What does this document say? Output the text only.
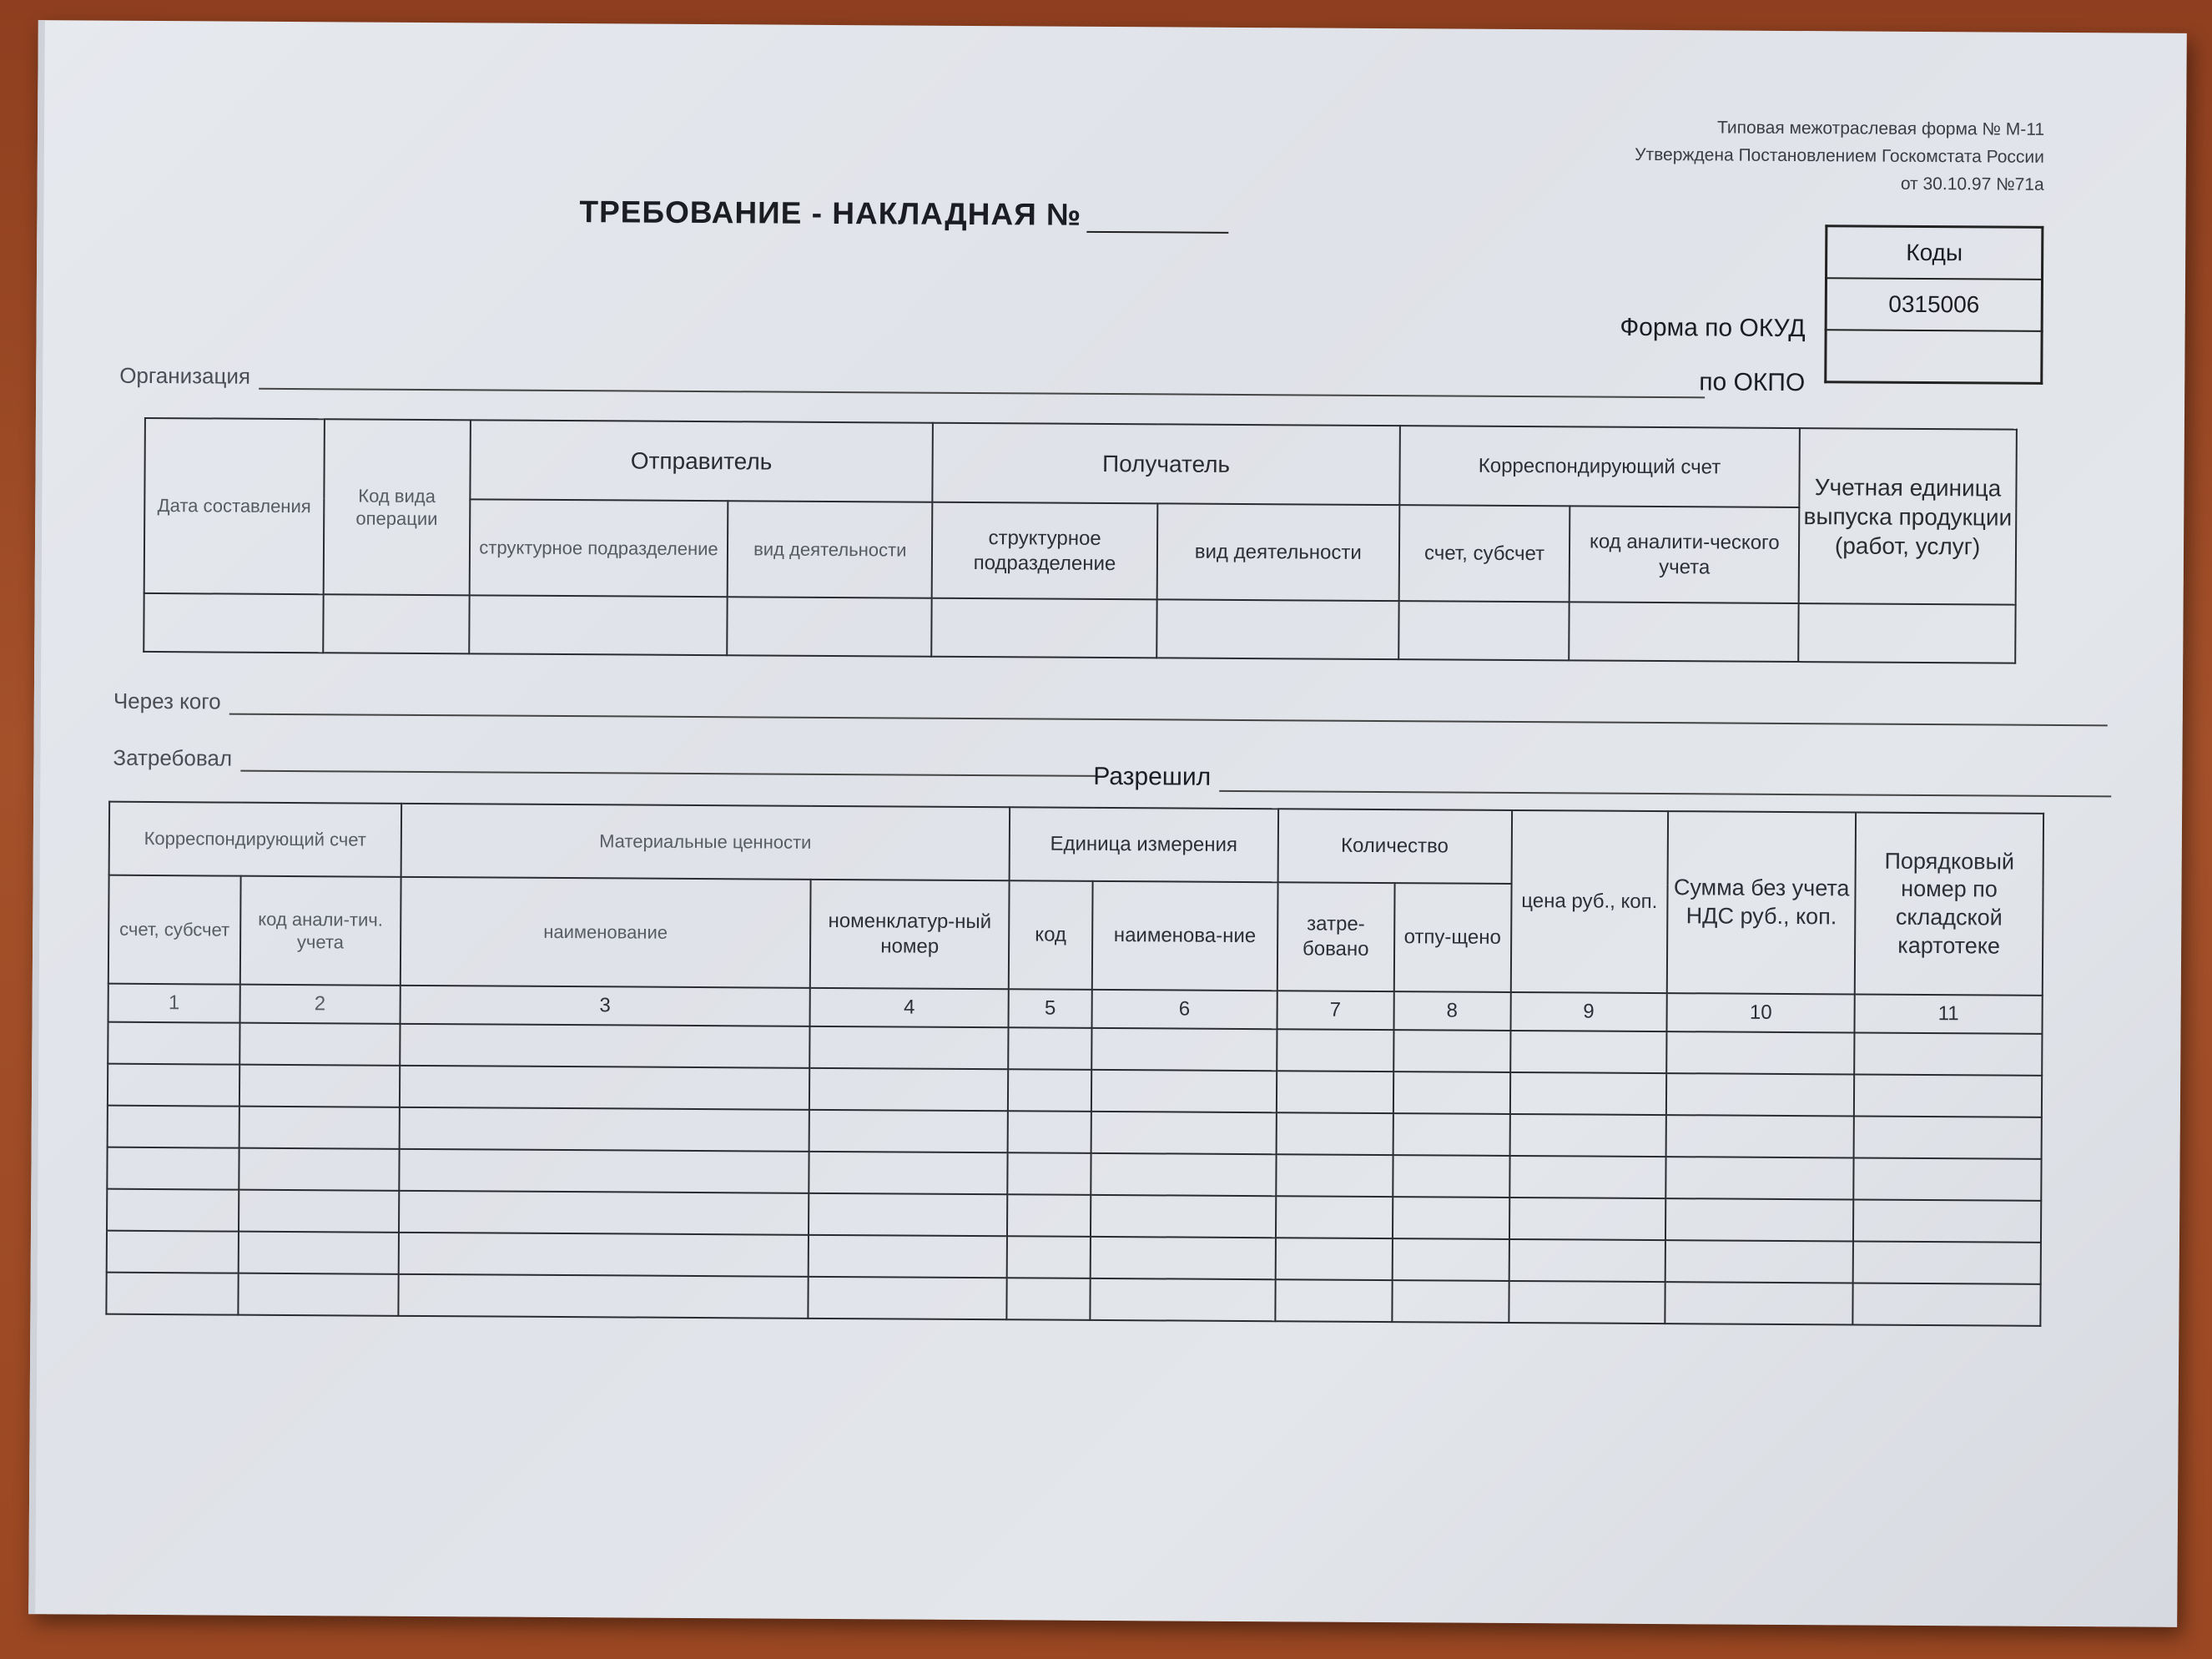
Типовая межотраслевая форма № М-11
Утверждена Постановлением Госкомстата России
от 30.10.97 №71а
ТРЕБОВАНИЕ - НАКЛАДНАЯ №
Коды
0315006

Форма по ОКУД
по ОКПО
Организация
Дата составления	Код вида операции	Отправитель		Получатель		Корреспондирующий счет		Учетная единица выпуска продукции (работ, услуг)
		структурное подразделение	вид деятельности	структурное подразделение	вид деятельности	счет, субсчет	код аналити-ческого учета	

Через кого
Затребовал
Разрешил
Корреспондирующий счет		Материальные ценности		Единица измерения		Количество		цена руб., коп.	Сумма без учета НДС руб., коп.	Порядковый номер по складской картотеке
счет, субсчет	код анали-тич. учета	наименование	номенклатур-ный номер	код	наименова-ние	затре-бовано	отпу-щено			
1	2	3	4	5	6	7	8	9	10	11
